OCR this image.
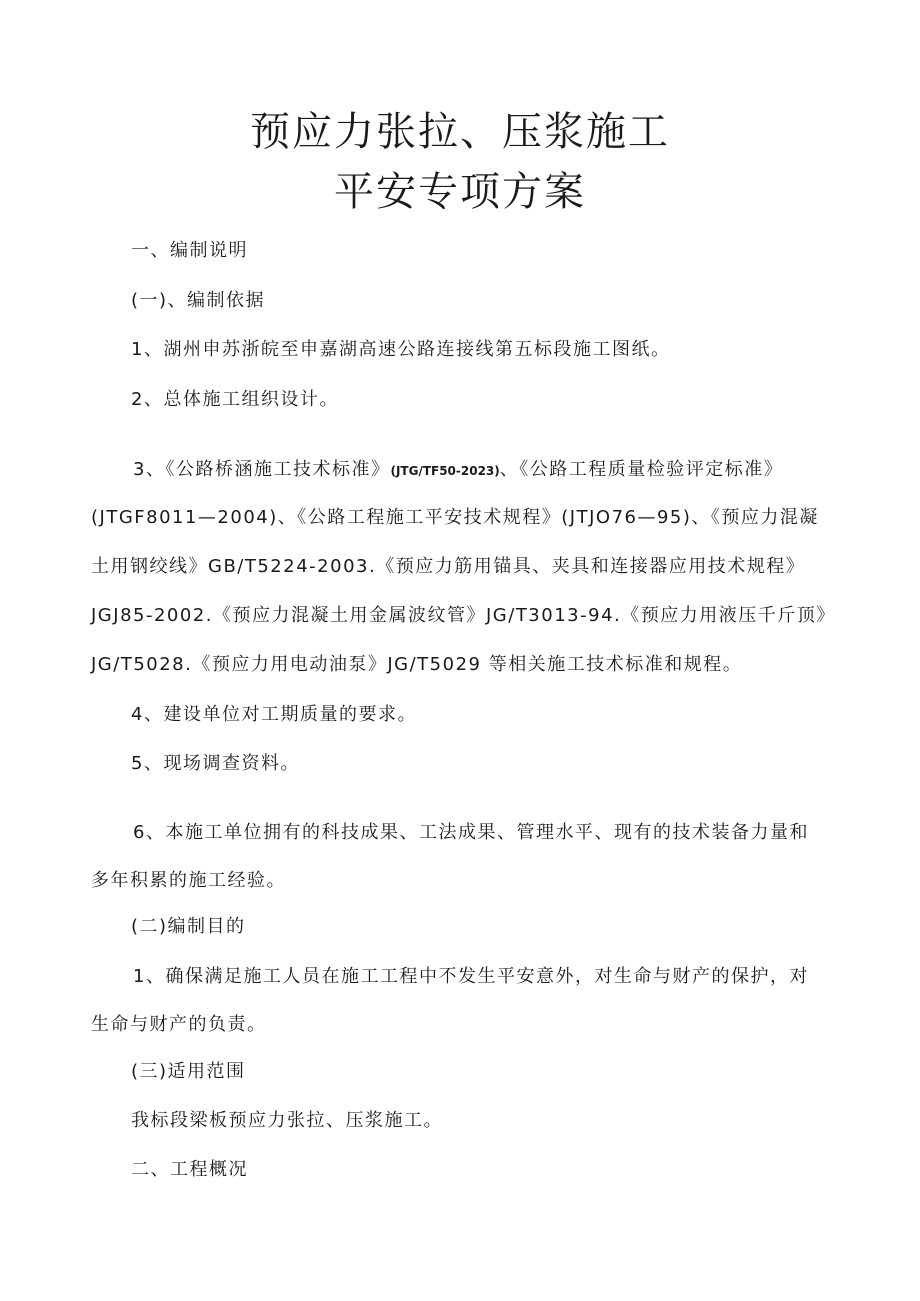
预应力张拉、压浆施工
平安专项方案
一、编制说明
(一)、编制依据
1、湖州申苏浙皖至申嘉湖高速公路连接线第五标段施工图纸。
2、总体施工组织设计。
3、《公路桥涵施工技术标准》(JTG/TF50-2023)、《公路工程质量检验评定标准》
(JTGF8011—2004)、《公路工程施工平安技术规程》(JTJO76—95)、《预应力混凝
土用钢绞线》GB/T5224-2003.《预应力筋用锚具、夹具和连接器应用技术规程》
JGJ85-2002.《预应力混凝土用金属波纹管》JG/T3013-94.《预应力用液压千斤顶》
JG/T5028.《预应力用电动油泵》JG/T5029 等相关施工技术标准和规程。
4、建设单位对工期质量的要求。
5、现场调查资料。
6、本施工单位拥有的科技成果、工法成果、管理水平、现有的技术装备力量和
多年积累的施工经验。
(二)编制目的
1、确保满足施工人员在施工工程中不发生平安意外，对生命与财产的保护，对
生命与财产的负责。
(三)适用范围
我标段梁板预应力张拉、压浆施工。
二、工程概况
